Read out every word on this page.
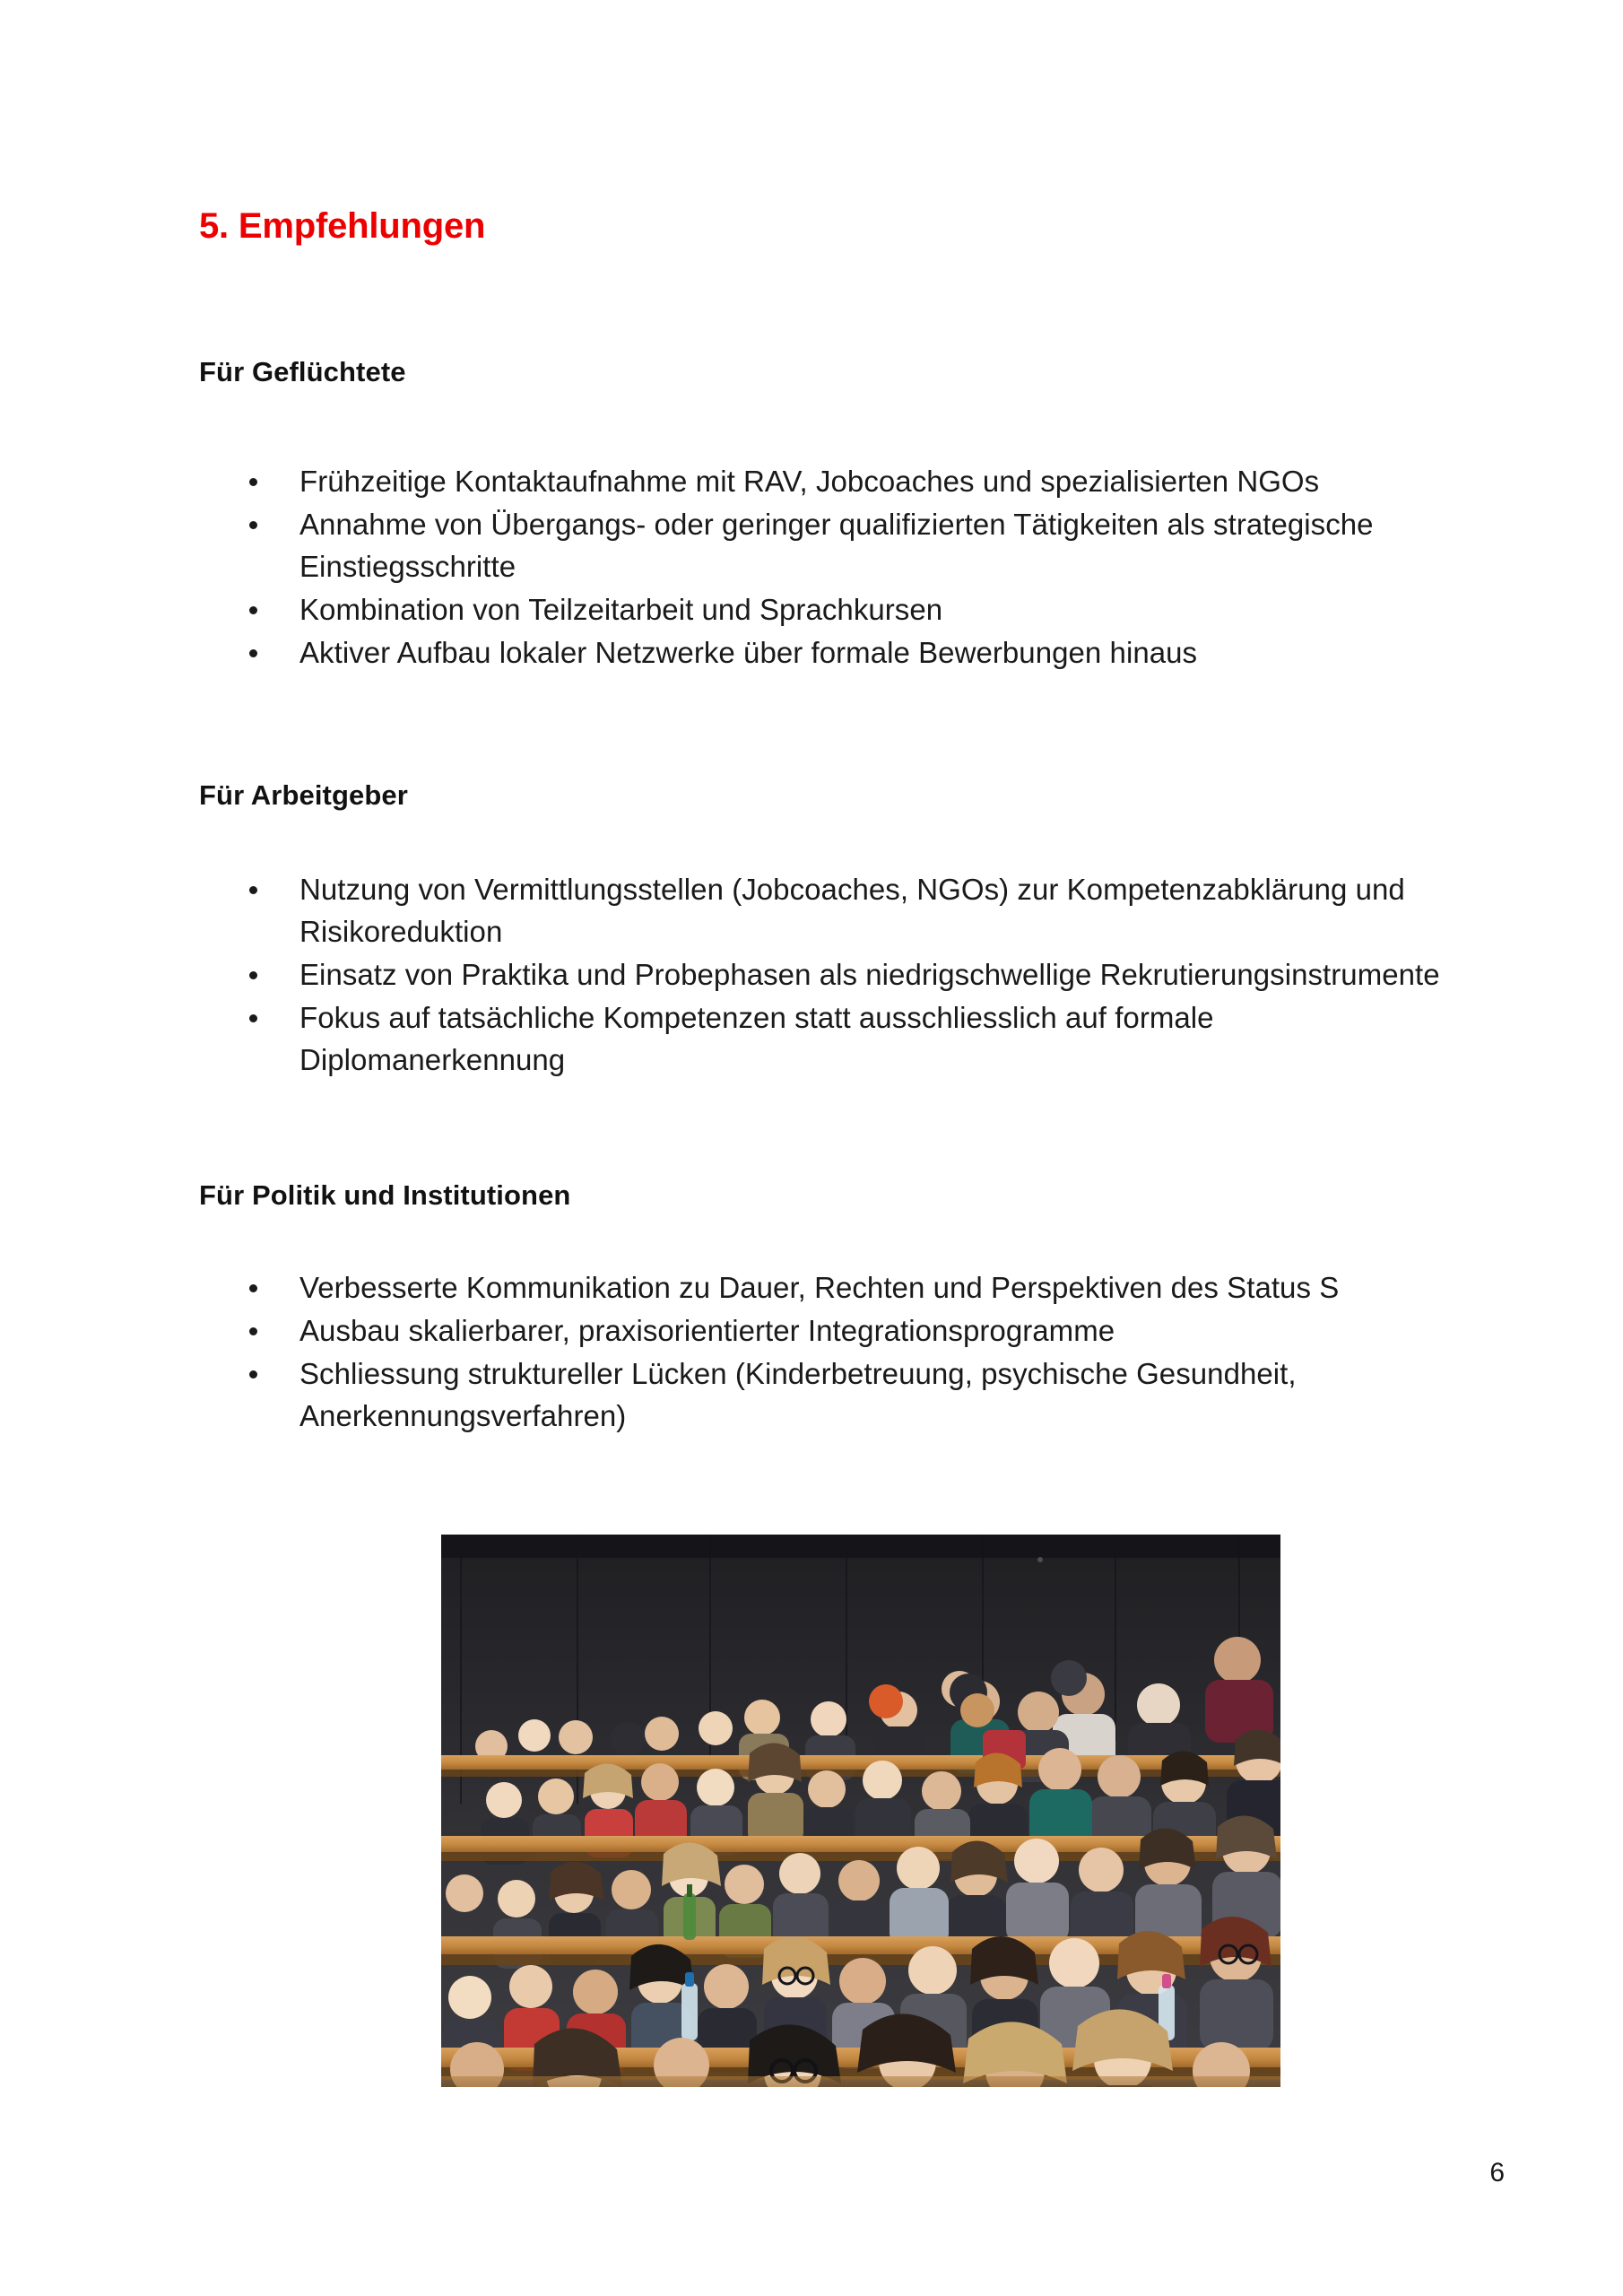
5. Empfehlungen
Für Geflüchtete
Frühzeitige Kontaktaufnahme mit RAV, Jobcoaches und spezialisierten NGOs
Annahme von Übergangs- oder geringer qualifizierten Tätigkeiten als strategische Einstiegsschritte
Kombination von Teilzeitarbeit und Sprachkursen
Aktiver Aufbau lokaler Netzwerke über formale Bewerbungen hinaus
Für Arbeitgeber
Nutzung von Vermittlungsstellen (Jobcoaches, NGOs) zur Kompetenzabklärung und Risikoreduktion
Einsatz von Praktika und Probephasen als niedrigschwellige Rekrutierungsinstrumente
Fokus auf tatsächliche Kompetenzen statt ausschliesslich auf formale Diplomanerkennung
Für Politik und Institutionen
Verbesserte Kommunikation zu Dauer, Rechten und Perspektiven des Status S
Ausbau skalierbarer, praxisorientierter Integrationsprogramme
Schliessung struktureller Lücken (Kinderbetreuung, psychische Gesundheit, Anerkennungsverfahren)
6
